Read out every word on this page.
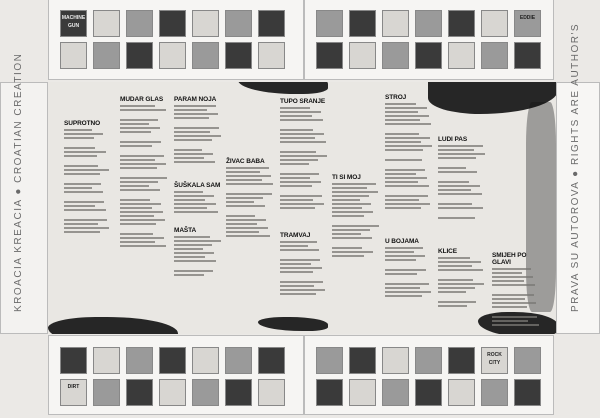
MACHINE GUN
EDDIE
DIRT
ROCK CITY
KROACIA KREACIA ● CROATIAN CREATION	PRAVA SU AUTOROVA ● RIGHTS ARE AUTHOR'S
SUPROTNO
MUDAR GLAS	PARAM NOJA
ŠUŠKALA SAM
MAŠTA
ŽIVAC BABA
TUPO SRANJE
TRAMVAJ
TI SI MOJ
STROJ
U BOJAMA
LUDI PAS
KLICE
SMIJEH PO GLAVI
